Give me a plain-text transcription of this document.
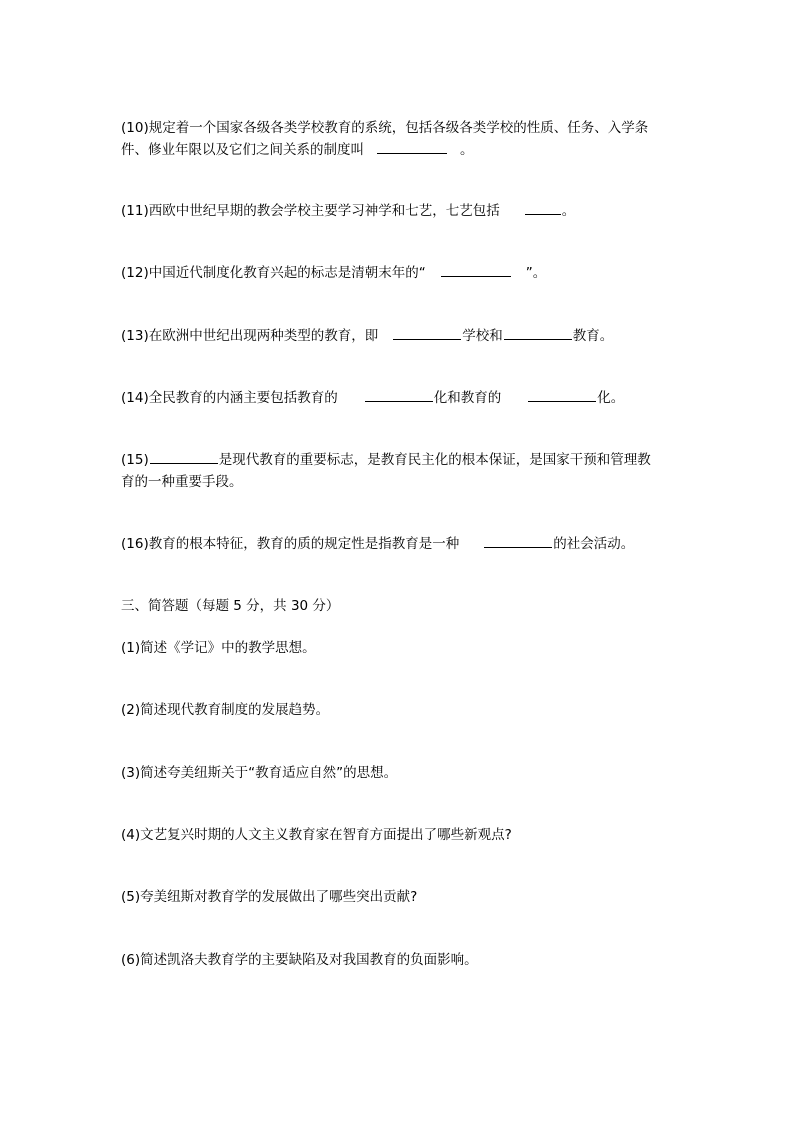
(10)规定着一个国家各级各类学校教育的系统，包括各级各类学校的性质、任务、入学条
件、修业年限以及它们之间关系的制度叫	。
(11)西欧中世纪早期的教会学校主要学习神学和七艺，七艺包括	。
(12)中国近代制度化教育兴起的标志是清朝末年的“	”。
(13)在欧洲中世纪出现两种类型的教育，即	学校和	教育。
(14)全民教育的内涵主要包括教育的	化和教育的	化。
(15)	是现代教育的重要标志，是教育民主化的根本保证，是国家干预和管理教
育的一种重要手段。
(16)教育的根本特征，教育的质的规定性是指教育是一种	的社会活动。
三、简答题（每题 5 分，共 30 分）
(1)简述《学记》中的教学思想。
(2)简述现代教育制度的发展趋势。
(3)简述夸美纽斯关于“教育适应自然”的思想。
(4)文艺复兴时期的人文主义教育家在智育方面提出了哪些新观点?
(5)夸美纽斯对教育学的发展做出了哪些突出贡献?
(6)简述凯洛夫教育学的主要缺陷及对我国教育的负面影响。
